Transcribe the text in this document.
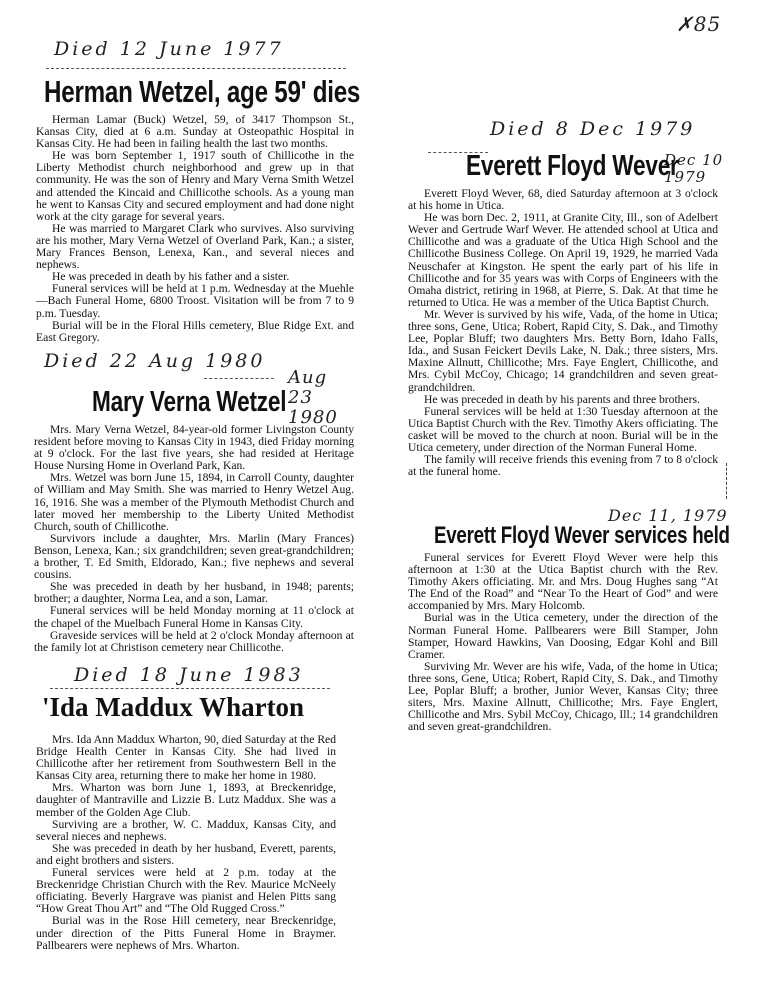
✗85
Died 12 June 1977
Herman Wetzel, age 59' dies

Herman Lamar (Buck) Wetzel, 59, of 3417 Thompson St., Kansas City, died at 6 a.m. Sunday at Osteopathic Hospital in Kansas City. He had been in failing health the last two months.

He was born September 1, 1917 south of Chillicothe in the Liberty Methodist church neighborhood and grew up in that community. He was the son of Henry and Mary Verna Smith Wetzel and attended the Kincaid and Chillicothe schools. As a young man he went to Kansas City and secured employment and had done night work at the city garage for several years.

He was married to Margaret Clark who survives. Also surviving are his mother, Mary Verna Wetzel of Overland Park, Kan.; a sister, Mary Frances Benson, Lenexa, Kan., and several nieces and nephews.

He was preceded in death by his father and a sister.

Funeral services will be held at 1 p.m. Wednesday at the Muehle—Bach Funeral Home, 6800 Troost. Visitation will be from 7 to 9 p.m. Tuesday.

Burial will be in the Floral Hills cemetery, Blue Ridge Ext. and East Gregory.

Died 22 Aug 1980
Aug 23 1980
Mary Verna Wetzel

Mrs. Mary Verna Wetzel, 84-year-old former Livingston County resident before moving to Kansas City in 1943, died Friday morning at 9 o'clock. For the last five years, she had resided at Heritage House Nursing Home in Overland Park, Kan.

Mrs. Wetzel was born June 15, 1894, in Carroll County, daughter of William and May Smith. She was married to Henry Wetzel Aug. 16, 1916. She was a member of the Plymouth Methodist Church and later moved her membership to the Liberty United Methodist Church, south of Chillicothe.

Survivors include a daughter, Mrs. Marlin (Mary Frances) Benson, Lenexa, Kan.; six grandchildren; seven great-grandchildren; a brother, T. Ed Smith, Eldorado, Kan.; five nephews and several cousins.

She was preceded in death by her husband, in 1948; parents; brother; a daughter, Norma Lea, and a son, Lamar.

Funeral services will be held Monday morning at 11 o'clock at the chapel of the Muelbach Funeral Home in Kansas City.

Graveside services will be held at 2 o'clock Monday afternoon at the family lot at Christison cemetery near Chillicothe.

Died 18 June 1983
'Ida Maddux Wharton

Mrs. Ida Ann Maddux Wharton, 90, died Saturday at the Red Bridge Health Center in Kansas City. She had lived in Chillicothe after her retirement from Southwestern Bell in the Kansas City area, returning there to make her home in 1980.

Mrs. Wharton was born June 1, 1893, at Breckenridge, daughter of Mantraville and Lizzie B. Lutz Maddux. She was a member of the Golden Age Club.

Surviving are a brother, W. C. Maddux, Kansas City, and several nieces and nephews.

She was preceded in death by her husband, Everett, parents, and eight brothers and sisters.

Funeral services were held at 2 p.m. today at the Breckenridge Christian Church with the Rev. Maurice McNeely officiating. Beverly Hargrave was pianist and Helen Pitts sang “How Great Thou Art” and “The Old Rugged Cross.”

Burial was in the Rose Hill cemetery, near Breckenridge, under direction of the Pitts Funeral Home in Braymer. Pallbearers were nephews of Mrs. Wharton.

Died 8 Dec 1979
Dec 10 1979
Everett Floyd Wever

Everett Floyd Wever, 68, died Saturday afternoon at 3 o'clock at his home in Utica.

He was born Dec. 2, 1911, at Granite City, Ill., son of Adelbert Wever and Gertrude Warf Wever. He attended school at Utica and Chillicothe and was a graduate of the Utica High School and the Chillicothe Business College. On April 19, 1929, he married Vada Neuschafer at Kingston. He spent the early part of his life in Chillicothe and for 35 years was with Corps of Engineers with the Omaha district, retiring in 1968, at Pierre, S. Dak. At that time he returned to Utica. He was a member of the Utica Baptist Church.

Mr. Wever is survived by his wife, Vada, of the home in Utica; three sons, Gene, Utica; Robert, Rapid City, S. Dak., and Timothy Lee, Poplar Bluff; two daughters Mrs. Betty Born, Idaho Falls, Ida., and Susan Feickert Devils Lake, N. Dak.; three sisters, Mrs. Maxine Allnutt, Chillicothe; Mrs. Faye Englert, Chillicothe, and Mrs. Cybil McCoy, Chicago; 14 grandchildren and seven great-grandchildren.

He was preceded in death by his parents and three brothers.

Funeral services will be held at 1:30 Tuesday afternoon at the Utica Baptist Church with the Rev. Timothy Akers officiating. The casket will be moved to the church at noon. Burial will be in the Utica cemetery, under direction of the Norman Funeral Home.

The family will receive friends this evening from 7 to 8 o'clock at the funeral home.

Dec 11, 1979
Everett Floyd Wever services held

Funeral services for Everett Floyd Wever were help this afternoon at 1:30 at the Utica Baptist church with the Rev. Timothy Akers officiating. Mr. and Mrs. Doug Hughes sang “At The End of the Road” and “Near To the Heart of God” and were accompanied by Mrs. Mary Holcomb.

Burial was in the Utica cemetery, under the direction of the Norman Funeral Home. Pallbearers were Bill Stamper, John Stamper, Howard Hawkins, Van Doosing, Edgar Kohl and Bill Cramer.

Surviving Mr. Wever are his wife, Vada, of the home in Utica; three sons, Gene, Utica; Robert, Rapid City, S. Dak., and Timothy Lee, Poplar Bluff; a brother, Junior Wever, Kansas City; three siters, Mrs. Maxine Allnutt, Chillicothe; Mrs. Faye Englert, Chillicothe and Mrs. Sybil McCoy, Chicago, Ill.; 14 grandchildren and seven great-grandchildren.
